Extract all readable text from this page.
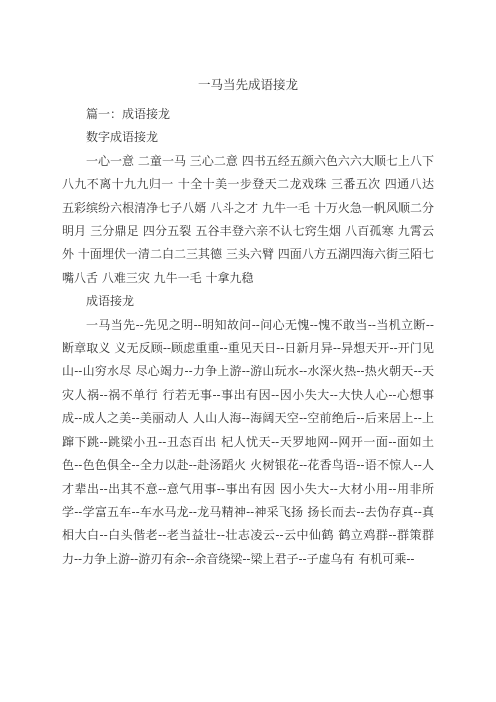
一马当先成语接龙

篇一：成语接龙

数字成语接龙

一心一意 二童一马 三心二意 四书五经五颜六色六六大顺七上八下 八九不离十九九归一 十全十美一步登天二龙戏珠 三番五次 四通八达 五彩缤纷六根清净七子八婿 八斗之才 九牛一毛 十万火急一帆风顺二分明月 三分鼎足 四分五裂 五谷丰登六亲不认七窍生烟 八百孤寒 九霄云外 十面埋伏一清二白二三其德 三头六臂 四面八方五湖四海六街三陌七嘴八舌 八难三灾 九牛一毛 十拿九稳

成语接龙

一马当先--先见之明--明知故问--问心无愧--愧不敢当--当机立断--断章取义 义无反顾--顾虑重重--重见天日--日新月异--异想天开--开门见山--山穷水尽 尽心竭力--力争上游--游山玩水--水深火热--热火朝天--天灾人祸--祸不单行 行若无事--事出有因--因小失大--大快人心--心想事成--成人之美--美丽动人 人山人海--海阔天空--空前绝后--后来居上--上蹿下跳--跳梁小丑--丑态百出 杞人忧天--天罗地网--网开一面--面如土色--色色俱全--全力以赴--赴汤蹈火 火树银花--花香鸟语--语不惊人--人才辈出--出其不意--意气用事--事出有因 因小失大--大材小用--用非所学--学富五车--车水马龙--龙马精神--神采飞扬 扬长而去--去伪存真--真相大白--白头偕老--老当益壮--壮志凌云--云中仙鹤 鹤立鸡群--群策群力--力争上游--游刃有余--余音绕梁--梁上君子--子虚乌有 有机可乘--
